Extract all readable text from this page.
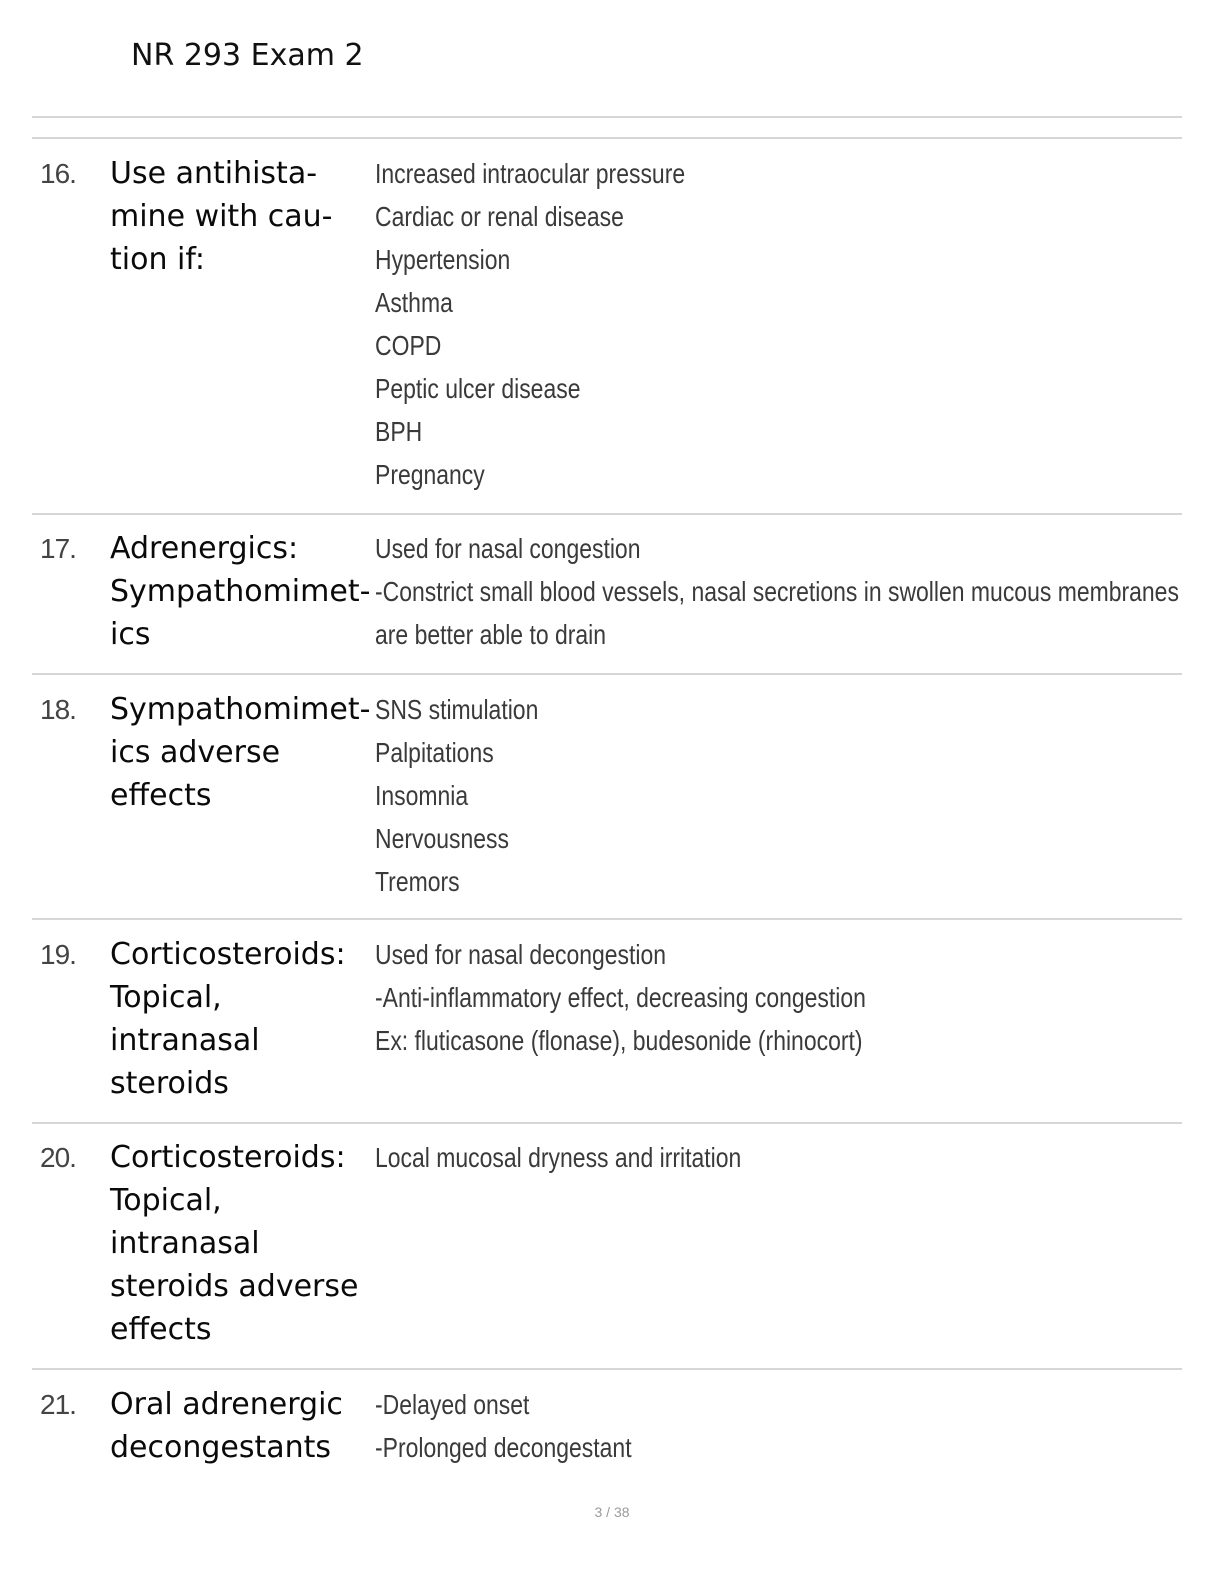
NR 293 Exam 2
16. Use antihista-
mine with cau-
tion if:
Increased intraocular pressure
Cardiac or renal disease
Hypertension
Asthma
COPD
Peptic ulcer disease
BPH
Pregnancy
17. Adrenergics:
Sympathomimet-
ics
Used for nasal congestion
-Constrict small blood vessels, nasal secretions in swollen mucous membranes
are better able to drain
18. Sympathomimet-
ics adverse
effects
SNS stimulation
Palpitations
Insomnia
Nervousness
Tremors
19. Corticosteroids:
Topical,
intranasal
steroids
Used for nasal decongestion
-Anti-inflammatory effect, decreasing congestion
Ex: fluticasone (flonase), budesonide (rhinocort)
20. Corticosteroids:
Topical,
intranasal
steroids adverse
effects
Local mucosal dryness and irritation
21. Oral adrenergic
decongestants
-Delayed onset
-Prolonged decongestant
3 / 38
